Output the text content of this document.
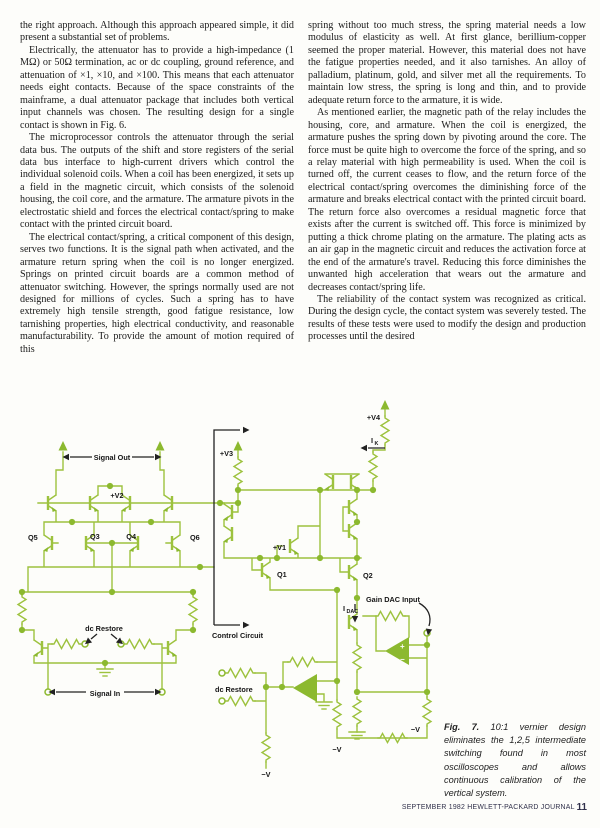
the right approach. Although this approach appeared simple, it did present a substantial set of problems.

Electrically, the attenuator has to provide a high-impedance (1 MΩ) or 50Ω termination, ac or dc coupling, ground reference, and attenuation of ×1, ×10, and ×100. This means that each attenuator needs eight contacts. Because of the space constraints of the mainframe, a dual attenuator package that includes both vertical input channels was chosen. The resulting design for a single contact is shown in Fig. 6.

The microprocessor controls the attenuator through the serial data bus. The outputs of the shift and store registers of the serial data bus interface to high-current drivers which control the individual solenoid coils. When a coil has been energized, it sets up a field in the magnetic circuit, which consists of the solenoid housing, the coil core, and the armature. The armature pivots in the electrostatic shield and forces the electrical contact/spring to make contact with the printed circuit board.

The electrical contact/spring, a critical component of this design, serves two functions. It is the signal path when activated, and the armature return spring when the coil is no longer energized. Springs on printed circuit boards are a common method of attenuator switching. However, the springs normally used are not designed for millions of cycles. Such a spring has to have extremely high tensile strength, good fatigue resistance, low tarnishing properties, high electrical conductivity, and reasonable manufacturability. To provide the amount of motion required of this

spring without too much stress, the spring material needs a low modulus of elasticity as well. At first glance, berillium-copper seemed the proper material. However, this material does not have the fatigue properties needed, and it also tarnishes. An alloy of palladium, platinum, gold, and silver met all the requirements. To maintain low stress, the spring is long and thin, and to provide adequate return force to the armature, it is wide.

As mentioned earlier, the magnetic path of the relay includes the housing, core, and armature. When the coil is energized, the armature pushes the spring down by pivoting around the core. The force must be quite high to overcome the force of the spring, and so a relay material with high permeability is used. When the coil is turned off, the current ceases to flow, and the return force of the electrical contact/spring overcomes the diminishing force of the armature and breaks electrical contact with the printed circuit board. The return force also overcomes a residual magnetic force that exists after the current is switched off. This force is minimized by putting a thick chrome plating on the armature. The plating acts as an air gap in the magnetic circuit and reduces the activation force at the end of the armature's travel. Reducing this force diminishes the unwanted high acceleration that wears out the armature and decreases contact/spring life.

The reliability of the contact system was recognized as critical. During the design cycle, the contact system was severely tested. The results of these tests were used to modify the design and production processes until the desired

+
−
Signal Out
+V2
Q5	Q3	Q4	Q6
+V3
+V4
I K
+V1
Q1	Q2
Gain DAC Input
I DAC
Control Circuit
dc Restore
dc Restore
Signal In
−V
−V
−V	Fig. 7. 10:1 vernier design eliminates the 1,2,5 intermediate switching found in most oscilloscopes and allows continuous calibration of the vertical system.
SEPTEMBER 1982 HEWLETT-PACKARD JOURNAL 11
